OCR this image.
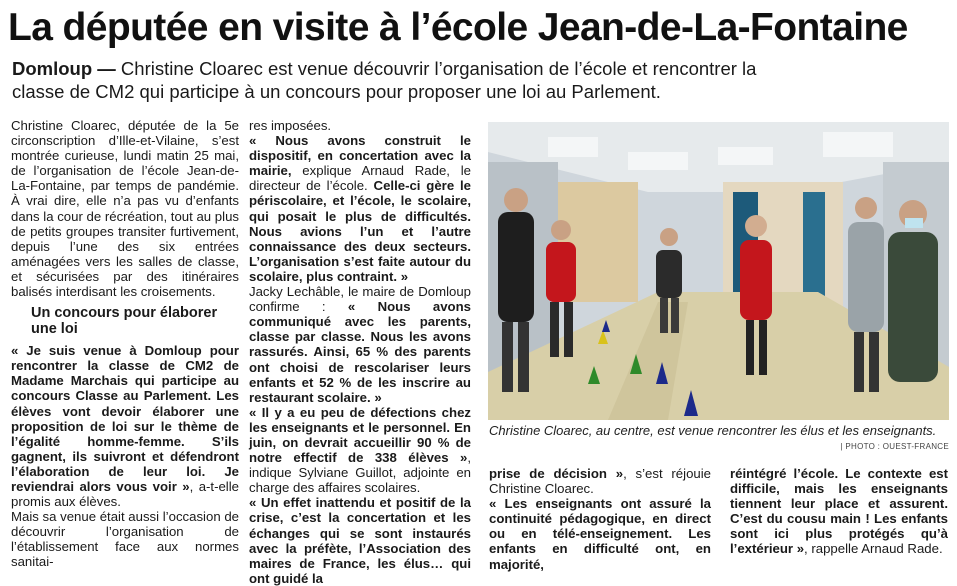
La députée en visite à l’école Jean-de-La-Fontaine
Domloup — Christine Cloarec est venue découvrir l’organisation de l’école et rencontrer la classe de CM2 qui participe à un concours pour proposer une loi au Parlement.

Christine Cloarec, députée de la 5e circonscription d’Ille-et-Vilaine, s’est montrée curieuse, lundi matin 25 mai, de l’organisation de l’école Jean-de-La-Fontaine, par temps de pandémie. À vrai dire, elle n’a pas vu d’enfants dans la cour de récréation, tout au plus de petits groupes transiter furtivement, depuis l’une des six entrées aménagées vers les salles de classe, et sécurisées par des itinéraires balisés interdisant les croisements.

Un concours pour élaborer une loi

« Je suis venue à Domloup pour rencontrer la classe de CM2 de Madame Marchais qui participe au concours Classe au Parlement. Les élèves vont devoir élaborer une proposition de loi sur le thème de l’égalité homme-femme. S’ils gagnent, ils suivront et défendront l’élaboration de leur loi. Je reviendrai alors vous voir », a-t-elle promis aux élèves.

Mais sa venue était aussi l’occasion de découvrir l’organisation de l’établissement face aux normes sanitai-

res imposées.

« Nous avons construit le dispositif, en concertation avec la mairie, explique Arnaud Rade, le directeur de l’école. Celle-ci gère le périscolaire, et l’école, le scolaire, qui posait le plus de difficultés. Nous avions l’un et l’autre connaissance des deux secteurs. L’organisation s’est faite autour du scolaire, plus contraint. »

Jacky Lechâble, le maire de Domloup confirme : « Nous avons communiqué avec les parents, classe par classe. Nous les avons rassurés. Ainsi, 65 % des parents ont choisi de rescolariser leurs enfants et 52 % de les inscrire au restaurant scolaire. »

« Il y a eu peu de défections chez les enseignants et le personnel. En juin, on devrait accueillir 90 % de notre effectif de 338 élèves », indique Sylviane Guillot, adjointe en charge des affaires scolaires.

« Un effet inattendu et positif de la crise, c’est la concertation et les échanges qui se sont instaurés avec la préfète, l’Association des maires de France, les élus… qui ont guidé la

Christine Cloarec, au centre, est venue rencontrer les élus et les enseignants.
| PHOTO : OUEST-FRANCE

prise de décision », s’est réjouie Christine Cloarec.

« Les enseignants ont assuré la continuité pédagogique, en direct ou en télé-enseignement. Les enfants en difficulté ont, en majorité,

réintégré l’école. Le contexte est difficile, mais les enseignants tiennent leur place et assurent. C’est du cousu main ! Les enfants sont ici plus protégés qu’à l’extérieur », rappelle Arnaud Rade.
